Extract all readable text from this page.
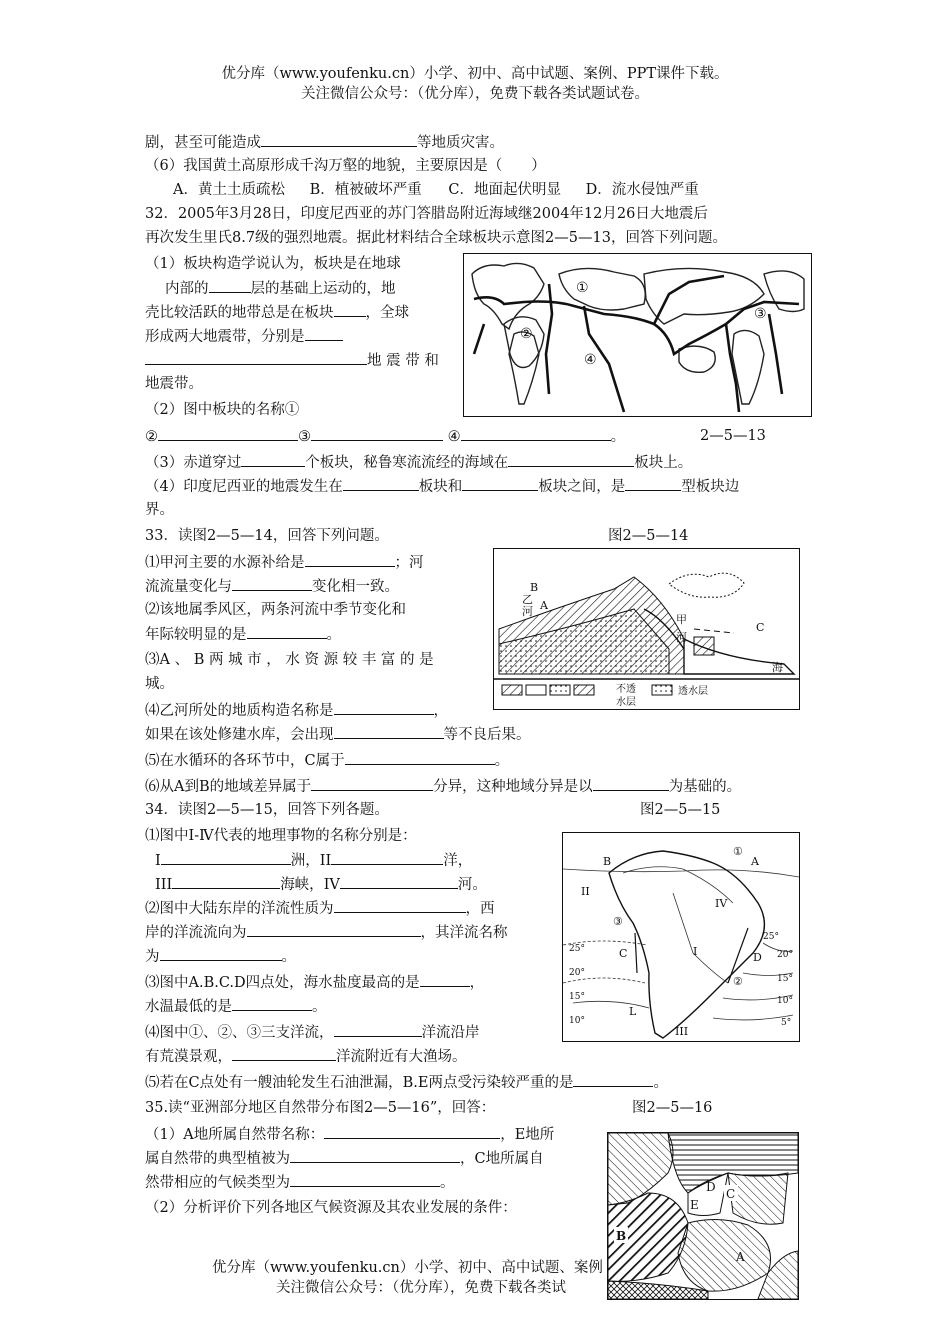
优分库（www.youfenku.cn）小学、初中、高中试题、案例、PPT课件下载。
关注微信公众号：（优分库），免费下载各类试题试卷。
剧，甚至可能造成	等地质灾害。
（6）我国黄土高原形成千沟万壑的地貌，主要原因是（　　）
A．黄土土质疏松 B．植被破坏严重 C．地面起伏明显 D．流水侵蚀严重
32．2005年3月28日，印度尼西亚的苏门答腊岛附近海域继2004年12月26日大地震后
再次发生里氏8.7级的强烈地震。据此材料结合全球板块示意图2—5—13，回答下列问题。
（1）板块构造学说认为，板块是在地球
内部的	层的基础上运动的，地
壳比较活跃的地带总是在板块 ，全球
形成两大地震带，分别是
地 震 带 和
地震带。
（2）图中板块的名称①
②	③	④	。	2—5—13
（3）赤道穿过	个板块，秘鲁寒流流经的海域在	板块上。
（4）印度尼西亚的地震发生在	板块和	板块之间，是	型板块边
界。
①
②
③
④
33．读图2—5—14，回答下列问题。	图2—5—14
⑴甲河主要的水源补给是	；河
流流量变化与	变化相一致。
⑵该地属季风区，两条河流中季节变化和
年际较明显的是	。
⑶A 、 B 两 城 市 ， 水 资 源 较 丰 富 的 是
城。
⑷乙河所处的地质构造名称是	，
如果在该处修建水库，会出现	等不良后果。
⑸在水循环的各环节中，C属于	。
⑹从A到B的地域差异属于	分异，这种地域分异是以	为基础的。
B
乙
河 A
甲
河
C
海
不透
水层
透水层
34．读图2—5—15，回答下列各题。	图2—5—15
⑴图中I-Ⅳ代表的地理事物的名称分别是：
I	洲，II	洋，
III	海峡，IV	河。
⑵图中大陆东岸的洋流性质为	，西
岸的洋流流向为	，其洋流名称
为	。
⑶图中A.B.C.D四点处，海水盐度最高的是	，
水温最低的是	。
⑷图中①、②、③三支洋流，	洋流沿岸
有荒漠景观，	洋流附近有大渔场。
⑸若在C点处有一艘油轮发生石油泄漏，B.E两点受污染较严重的是	。
B	A
①
II
IV
③
C	I	D
②
L
III
25°
20°
15°
10°
25°
20°
15°
10°
5°
35.读“亚洲部分地区自然带分布图2—5—16”，回答：	图2—5—16
（1）A地所属自然带名称：	，E地所
属自然带的典型植被为	，C地所属自
然带相应的气候类型为	。
（2）分析评价下列各地区气候资源及其农业发展的条件：
B
E
D C
A
优分库（www.youfenku.cn）小学、初中、高中试题、案例
关注微信公众号：（优分库），免费下载各类试
